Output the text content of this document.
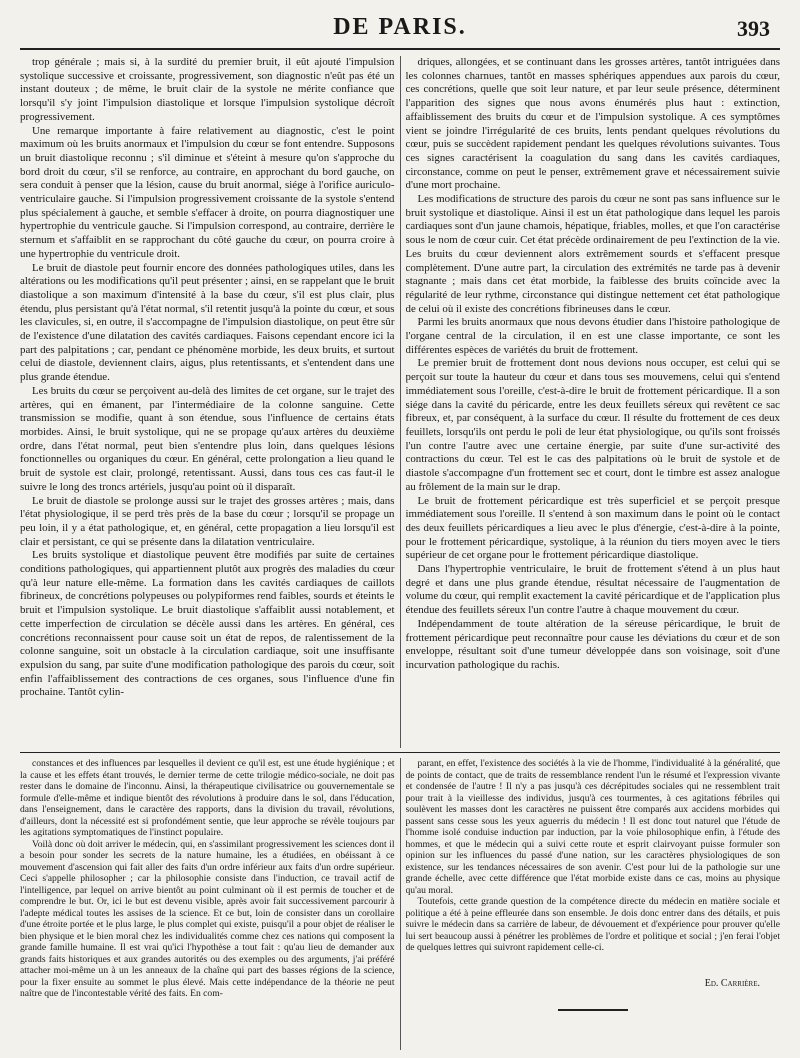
DE PARIS.	393

trop générale ; mais si, à la surdité du premier bruit, il eût ajouté l'impulsion systolique successive et croissante, progressivement, son diagnostic n'eût pas été un instant douteux ; de même, le bruit clair de la systole ne mérite confiance que lorsqu'il s'y joint l'impulsion diastolique et lorsque l'impulsion systolique décroît progressivement.

Une remarque importante à faire relativement au diagnostic, c'est le point maximum où les bruits anormaux et l'impulsion du cœur se font entendre. Supposons un bruit diastolique reconnu ; s'il diminue et s'éteint à mesure qu'on s'approche du bord droit du cœur, s'il se renforce, au contraire, en approchant du bord gauche, on sera conduit à penser que la lésion, cause du bruit anormal, siége à l'orifice auriculo-ventriculaire gauche. Si l'impulsion progressivement croissante de la systole s'entend plus spécialement à gauche, et semble s'effacer à droite, on pourra diagnostiquer une hypertrophie du ventricule gauche. Si l'impulsion correspond, au contraire, derrière le sternum et s'affaiblit en se rapprochant du côté gauche du cœur, on pourra croire à une hypertrophie du ventricule droit.

Le bruit de diastole peut fournir encore des données pathologiques utiles, dans les altérations ou les modifications qu'il peut présenter ; ainsi, en se rappelant que le bruit diastolique a son maximum d'intensité à la base du cœur, s'il est plus clair, plus étendu, plus persistant qu'à l'état normal, s'il retentit jusqu'à la pointe du cœur, et sous les clavicules, si, en outre, il s'accompagne de l'impulsion diastolique, on peut être sûr de l'existence d'une dilatation des cavités cardiaques. Faisons cependant encore ici la part des palpitations ; car, pendant ce phénomène morbide, les deux bruits, et surtout celui de diastole, deviennent clairs, aigus, plus retentissants, et s'entendent dans une plus grande étendue.

Les bruits du cœur se perçoivent au-delà des limites de cet organe, sur le trajet des artères, qui en émanent, par l'intermédiaire de la colonne sanguine. Cette transmission se modifie, quant à son étendue, sous l'influence de certains états morbides. Ainsi, le bruit systolique, qui ne se propage qu'aux artères du deuxième ordre, dans l'état normal, peut bien s'entendre plus loin, dans quelques lésions fonctionnelles ou organiques du cœur. En général, cette prolongation a lieu quand le bruit de systole est clair, prolongé, retentissant. Aussi, dans tous ces cas faut-il le suivre le long des troncs artériels, jusqu'au point où il disparaît.

Le bruit de diastole se prolonge aussi sur le trajet des grosses artères ; mais, dans l'état physiologique, il se perd très près de la base du cœur ; lorsqu'il se propage un peu loin, il y a état pathologique, et, en général, cette propagation a lieu lorsqu'il est clair et persistant, ce qui se présente dans la dilatation ventriculaire.

Les bruits systolique et diastolique peuvent être modifiés par suite de certaines conditions pathologiques, qui appartiennent plutôt aux progrès des maladies du cœur qu'à leur nature elle-même. La formation dans les cavités cardiaques de caillots fibrineux, de concrétions polypeuses ou polypiformes rend faibles, sourds et éteints le bruit et l'impulsion systolique. Le bruit diastolique s'affaiblit aussi notablement, et cette imperfection de circulation se décèle aussi dans les artères. En général, ces concrétions reconnaissent pour cause soit un état de repos, de ralentissement de la colonne sanguine, soit un obstacle à la circulation cardiaque, soit une insuffisante expulsion du sang, par suite d'une modification pathologique des parois du cœur, soit enfin l'affaiblissement des contractions de ces organes, sous l'influence d'une fin prochaine. Tantôt cylin-

driques, allongées, et se continuant dans les grosses artères, tantôt intriguées dans les colonnes charnues, tantôt en masses sphériques appendues aux parois du cœur, ces concrétions, quelle que soit leur nature, et par leur seule présence, déterminent l'apparition des signes que nous avons énumérés plus haut : extinction, affaiblissement des bruits du cœur et de l'impulsion systolique. A ces symptômes vient se joindre l'irrégularité de ces bruits, lents pendant quelques révolutions du cœur, puis se succèdent rapidement pendant les quelques révolutions suivantes. Tous ces signes caractérisent la coagulation du sang dans les cavités cardiaques, circonstance, comme on peut le penser, extrêmement grave et nécessairement suivie d'une mort prochaine.

Les modifications de structure des parois du cœur ne sont pas sans influence sur le bruit systolique et diastolique. Ainsi il est un état pathologique dans lequel les parois cardiaques sont d'un jaune chamois, hépatique, friables, molles, et que l'on caractérise sous le nom de cœur cuir. Cet état précède ordinairement de peu l'extinction de la vie. Les bruits du cœur deviennent alors extrêmement sourds et s'effacent presque complètement. D'une autre part, la circulation des extrémités ne tarde pas à devenir stagnante ; mais dans cet état morbide, la faiblesse des bruits coïncide avec la régularité de leur rythme, circonstance qui distingue nettement cet état pathologique de celui où il existe des concrétions fibrineuses dans le cœur.

Parmi les bruits anormaux que nous devons étudier dans l'histoire pathologique de l'organe central de la circulation, il en est une classe importante, ce sont les différentes espèces de variétés du bruit de frottement.

Le premier bruit de frottement dont nous devions nous occuper, est celui qui se perçoit sur toute la hauteur du cœur et dans tous ses mouvemens, celui qui s'entend immédiatement sous l'oreille, c'est-à-dire le bruit de frottement péricardique. Il a son siége dans la cavité du péricarde, entre les deux feuillets séreux qui revêtent ce sac fibreux, et, par conséquent, à la surface du cœur. Il résulte du frottement de ces deux feuillets, lorsqu'ils ont perdu le poli de leur état physiologique, ou qu'ils sont froissés l'un contre l'autre avec une certaine énergie, par suite d'une sur-activité des contractions du cœur. Tel est le cas des palpitations où le bruit de systole et de diastole s'accompagne d'un frottement sec et court, dont le timbre est assez analogue au frôlement de la main sur le drap.

Le bruit de frottement péricardique est très superficiel et se perçoit presque immédiatement sous l'oreille. Il s'entend à son maximum dans le point où le contact des deux feuillets péricardiques a lieu avec le plus d'énergie, c'est-à-dire à la pointe, pour le frottement péricardique, systolique, à la réunion du tiers moyen avec le tiers supérieur de cet organe pour le frottement péricardique diastolique.

Dans l'hypertrophie ventriculaire, le bruit de frottement s'étend à un plus haut degré et dans une plus grande étendue, résultat nécessaire de l'augmentation de volume du cœur, qui remplit exactement la cavité péricardique et de l'application plus étendue des feuillets séreux l'un contre l'autre à chaque mouvement du cœur.

Indépendamment de toute altération de la séreuse péricardique, le bruit de frottement péricardique peut reconnaître pour cause les déviations du cœur et de son enveloppe, résultant soit d'une tumeur développée dans son voisinage, soit d'une incurvation pathologique du rachis.

constances et des influences par lesquelles il devient ce qu'il est, est une étude hygiénique ; et la cause et les effets étant trouvés, le dernier terme de cette trilogie médico-sociale, ne doit pas rester dans le domaine de l'inconnu. Ainsi, la thérapeutique civilisatrice ou gouvernementale se formule d'elle-même et indique bientôt des révolutions à produire dans le sol, dans l'éducation, dans l'enseignement, dans le caractère des rapports, dans la division du travail, révolutions, d'ailleurs, dont la nécessité est si profondément sentie, que leur approche se révèle toujours par les agitations symptomatiques de l'instinct populaire.

Voilà donc où doit arriver le médecin, qui, en s'assimilant progressivement les sciences dont il a besoin pour sonder les secrets de la nature humaine, les a étudiées, en obéissant à ce mouvement d'ascension qui fait aller des faits d'un ordre inférieur aux faits d'un ordre supérieur. Ceci s'appelle philosopher ; car la philosophie consiste dans l'induction, ce travail actif de l'intelligence, par lequel on arrive bientôt au point culminant où il est permis de toucher et de comprendre le but. Or, ici le but est devenu visible, après avoir fait successivement parcourir à l'adepte médical toutes les assises de la science. Et ce but, loin de consister dans un corollaire d'une étroite portée et le plus large, le plus complet qui existe, puisqu'il a pour objet de réaliser le bien physique et le bien moral chez les individualités comme chez ces nations qui composent la grande famille humaine. Il est vrai qu'ici l'hypothèse a tout fait : qu'au lieu de demander aux grands faits historiques et aux grandes autorités ou des exemples ou des arguments, j'ai préféré attacher moi-même un à un les anneaux de la chaîne qui part des basses régions de la science, pour la fixer ensuite au sommet le plus élevé. Mais cette indépendance de la théorie ne peut naître que de l'incontestable vérité des faits. En com-

parant, en effet, l'existence des sociétés à la vie de l'homme, l'individualité à la généralité, que de points de contact, que de traits de ressemblance rendent l'un le résumé et l'expression vivante et condensée de l'autre ! Il n'y a pas jusqu'à ces décrépitudes sociales qui ne ressemblent trait pour trait à la vieillesse des individus, jusqu'à ces tourmentes, à ces agitations fébriles qui soulèvent les masses dont les caractères ne puissent être comparés aux accidens morbides qui passent sans cesse sous les yeux aguerris du médecin ! Il est donc tout naturel que l'étude de l'homme isolé conduise induction par induction, par la voie philosophique enfin, à l'étude des hommes, et que le médecin qui a suivi cette route et esprit clairvoyant puisse formuler son opinion sur les influences du passé d'une nation, sur les caractères physiologiques de son existence, sur les tendances nécessaires de son avenir. C'est pour lui de la pathologie sur une grande échelle, avec cette différence que l'état morbide existe dans ce cas, moins au physique qu'au moral.

Toutefois, cette grande question de la compétence directe du médecin en matière sociale et politique a été à peine effleurée dans son ensemble. Je dois donc entrer dans des détails, et puis suivre le médecin dans sa carrière de labeur, de dévouement et d'expérience pour prouver qu'elle lui sert beaucoup aussi à pénétrer les problèmes de l'ordre et politique et social ; j'en ferai l'objet de quelques lettres qui suivront rapidement celle-ci.

Ed. Carrière.
